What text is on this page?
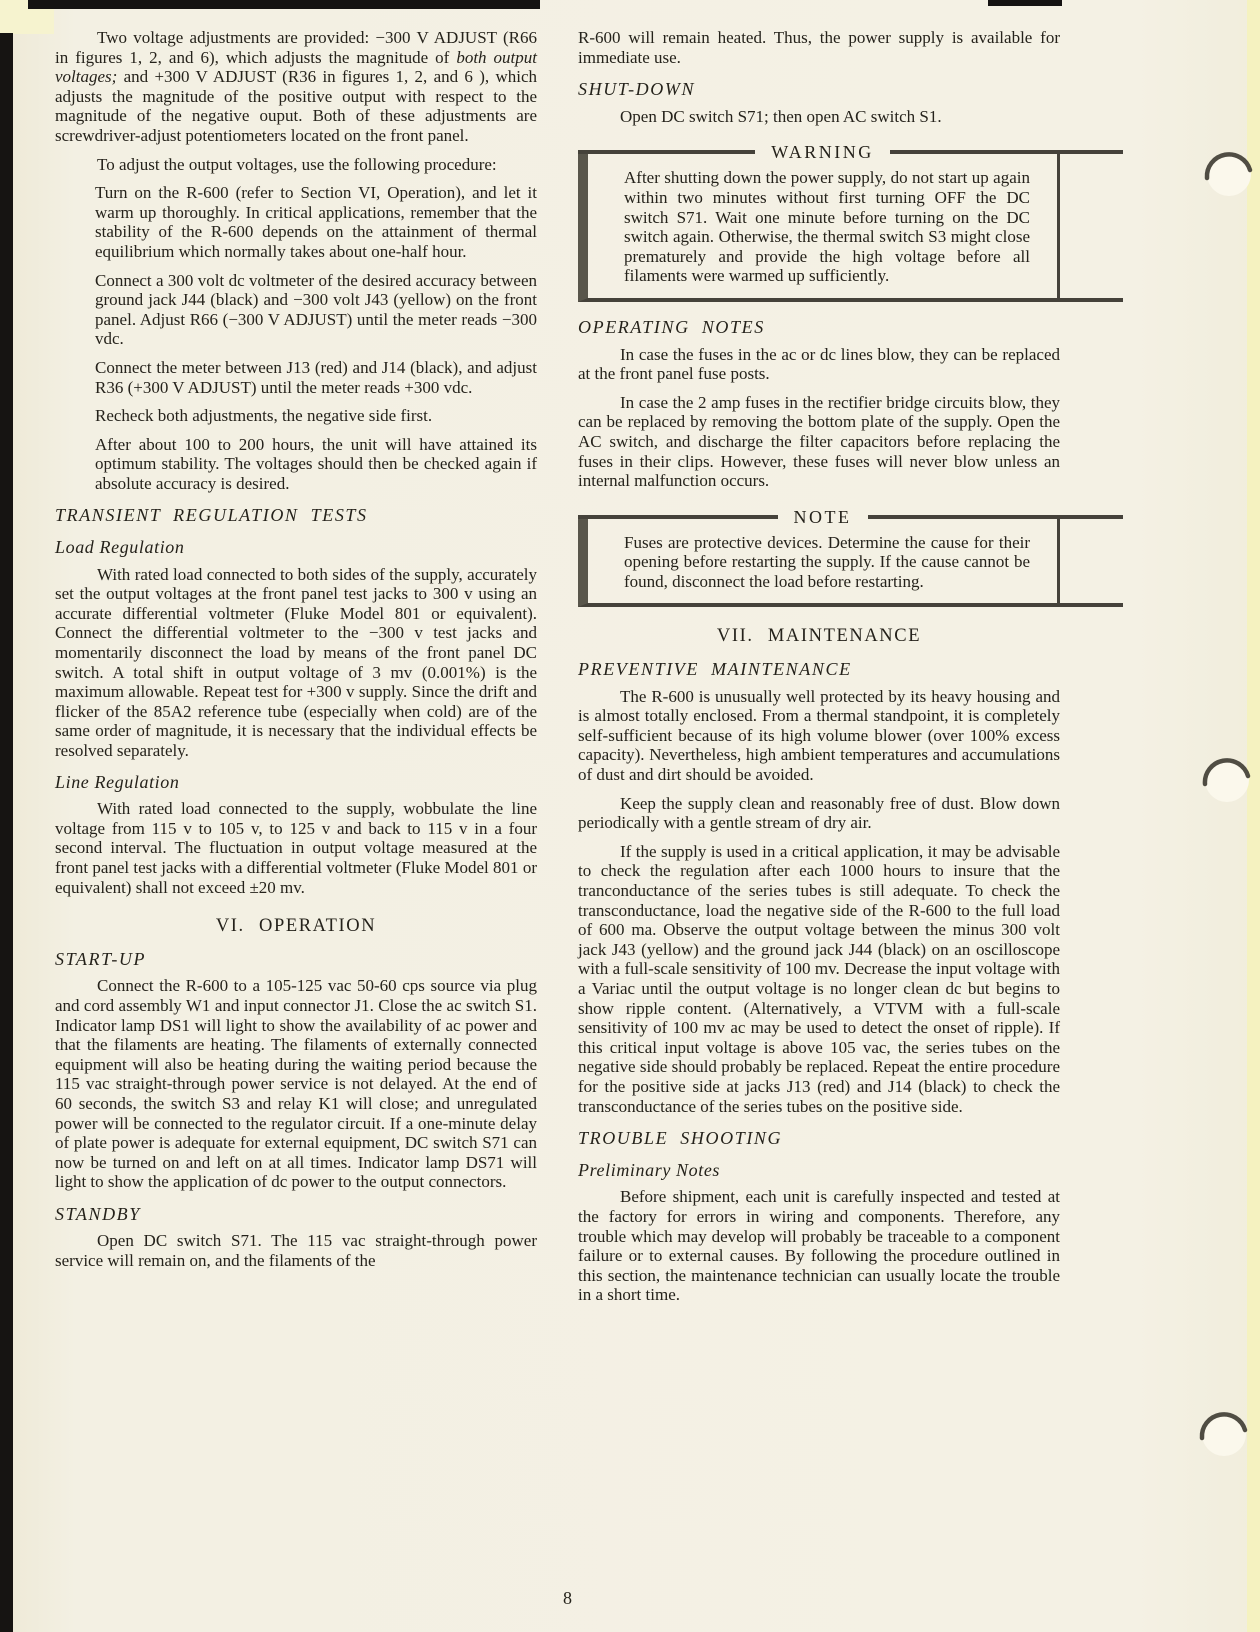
Two voltage adjustments are provided: −300 V ADJUST (R66 in figures 1, 2, and 6), which adjusts the magnitude of both output voltages; and +300 V ADJUST (R36 in figures 1, 2, and 6 ), which adjusts the magnitude of the positive output with respect to the magnitude of the negative ouput. Both of these adjustments are screwdriver-adjust potentiometers located on the front panel.

To adjust the output voltages, use the following procedure:

Turn on the R-600 (refer to Section VI, Operation), and let it warm up thoroughly. In critical applications, remember that the stability of the R-600 depends on the attainment of thermal equilibrium which normally takes about one-half hour.

Connect a 300 volt dc voltmeter of the desired accuracy between ground jack J44 (black) and −300 volt J43 (yellow) on the front panel. Adjust R66 (−300 V ADJUST) until the meter reads −300 vdc.

Connect the meter between J13 (red) and J14 (black), and adjust R36 (+300 V ADJUST) until the meter reads +300 vdc.

Recheck both adjustments, the negative side first.

After about 100 to 200 hours, the unit will have attained its optimum stability. The voltages should then be checked again if absolute accuracy is desired.

TRANSIENT REGULATION TESTS
Load Regulation

With rated load connected to both sides of the supply, accurately set the output voltages at the front panel test jacks to 300 v using an accurate differential voltmeter (Fluke Model 801 or equivalent). Connect the differential voltmeter to the −300 v test jacks and momentarily disconnect the load by means of the front panel DC switch. A total shift in output voltage of 3 mv (0.001%) is the maximum allowable. Repeat test for +300 v supply. Since the drift and flicker of the 85A2 reference tube (especially when cold) are of the same order of magnitude, it is necessary that the individual effects be resolved separately.

Line Regulation

With rated load connected to the supply, wobbulate the line voltage from 115 v to 105 v, to 125 v and back to 115 v in a four second interval. The fluctuation in output voltage measured at the front panel test jacks with a differential voltmeter (Fluke Model 801 or equivalent) shall not exceed ±20 mv.

VI. OPERATION
START-UP

Connect the R-600 to a 105-125 vac 50-60 cps source via plug and cord assembly W1 and input connector J1. Close the ac switch S1. Indicator lamp DS1 will light to show the availability of ac power and that the filaments are heating. The filaments of externally connected equipment will also be heating during the waiting period because the 115 vac straight-through power service is not delayed. At the end of 60 seconds, the switch S3 and relay K1 will close; and unregulated power will be connected to the regulator circuit. If a one-minute delay of plate power is adequate for external equipment, DC switch S71 can now be turned on and left on at all times. Indicator lamp DS71 will light to show the application of dc power to the output connectors.

STANDBY

Open DC switch S71. The 115 vac straight-through power service will remain on, and the filaments of the

R-600 will remain heated. Thus, the power supply is available for immediate use.

SHUT-DOWN

Open DC switch S71; then open AC switch S1.

WARNING

After shutting down the power supply, do not start up again within two minutes without first turning OFF the DC switch S71. Wait one minute before turning on the DC switch again. Otherwise, the thermal switch S3 might close prematurely and provide the high voltage before all filaments were warmed up sufficiently.

OPERATING NOTES

In case the fuses in the ac or dc lines blow, they can be replaced at the front panel fuse posts.

In case the 2 amp fuses in the rectifier bridge circuits blow, they can be replaced by removing the bottom plate of the supply. Open the AC switch, and discharge the filter capacitors before replacing the fuses in their clips. However, these fuses will never blow unless an internal malfunction occurs.

NOTE

Fuses are protective devices. Determine the cause for their opening before restarting the supply. If the cause cannot be found, disconnect the load before restarting.

VII. MAINTENANCE
PREVENTIVE MAINTENANCE

The R-600 is unusually well protected by its heavy housing and is almost totally enclosed. From a thermal standpoint, it is completely self-sufficient because of its high volume blower (over 100% excess capacity). Nevertheless, high ambient temperatures and accumulations of dust and dirt should be avoided.

Keep the supply clean and reasonably free of dust. Blow down periodically with a gentle stream of dry air.

If the supply is used in a critical application, it may be advisable to check the regulation after each 1000 hours to insure that the tranconductance of the series tubes is still adequate. To check the transconductance, load the negative side of the R-600 to the full load of 600 ma. Observe the output voltage between the minus 300 volt jack J43 (yellow) and the ground jack J44 (black) on an oscilloscope with a full-scale sensitivity of 100 mv. Decrease the input voltage with a Variac until the output voltage is no longer clean dc but begins to show ripple content. (Alternatively, a VTVM with a full-scale sensitivity of 100 mv ac may be used to detect the onset of ripple). If this critical input voltage is above 105 vac, the series tubes on the negative side should probably be replaced. Repeat the entire procedure for the positive side at jacks J13 (red) and J14 (black) to check the transconductance of the series tubes on the positive side.

TROUBLE SHOOTING
Preliminary Notes

Before shipment, each unit is carefully inspected and tested at the factory for errors in wiring and components. Therefore, any trouble which may develop will probably be traceable to a component failure or to external causes. By following the procedure outlined in this section, the maintenance technician can usually locate the trouble in a short time.

8
